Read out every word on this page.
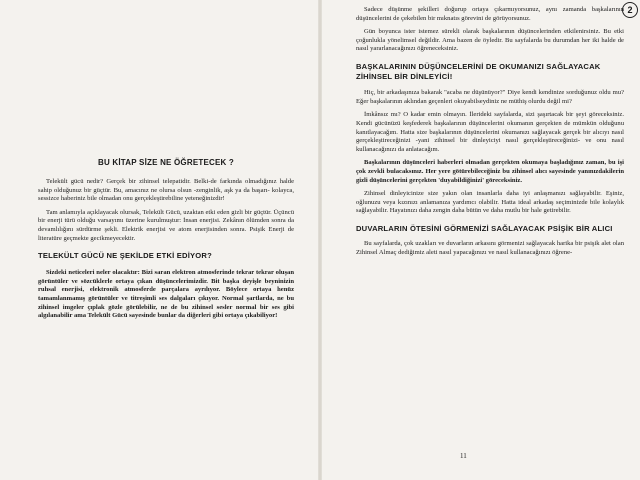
BU KİTAP SİZE NE ÖĞRETECEK ?

Telekült gücü nedir? Gerçek bir zihinsel telepatidir. Belki-de farkında olmadığınız halde sahip olduğunuz bir güçtür. Bu, amacınız ne olursa olsun -zenginlik, aşk ya da başarı- kolayca, sessizce haberiniz bile olmadan onu gerçekleştirebiline yeteneğinizdir!

Tam anlamıyla açıklayacak olursak, Telekült Gücü, uzaktan etki eden gizli bir güçtür. Üçüncü bir enerji türü olduğu varsayımı üzerine kurulmuştur: İnsan enerjisi. Zekânın ölümden sonra da devamlılığını sürdürme şekli. Elektrik enerjisi ve atom enerjisinden sonra. Psişik Enerji de literatüre geçmekte gecikmeyecektir.

TELEKÜLT GÜCÜ NE ŞEKİLDE ETKİ EDİYOR?

Sizdeki neticeleri neler olacaktır: Bizi saran elektron atmosferinde tekrar tekrar oluşan görüntüler ve sözcüklerle ortaya çıkan düşüncelerimizdir. Bit başka deyişle beyninizin ruhsal enerjisi, elektronik atmosferde parçalara ayrılıyor. Böylece ortaya henüz tamamlanmamış görüntüler ve titreşimli ses dalgaları çıkıyor. Normal şartlarda, ne bu zihinsel imgeler çıplak gözle görülebilir, ne de bu zihinsel sesler normal bir ses gibi algılanabilir ama Telekült Gücü sayesinde bunlar da diğerleri gibi ortaya çıkabiliyor!

Sadece düşünme şekilleri doğurup ortaya çıkarmıyorsunuz, aynı zamanda başkalarının düşüncelerini de çekebilen bir mıknatıs görevini de görüyorsunuz.

Gün boyunca ister istemez sürekli olarak başkalarının düşüncelerinden etkilenirsiniz. Bu etki çoğunlukla yönelimsel değildir. Ama bazen de öyledir. Bu sayfalarda bu durumdan her iki halde de nasıl yararlanacağınızı öğreneceksiniz.

BAŞKALARININ DÜŞÜNCELERİNİ DE OKUMANIZI SAĞLAYACAK ZİHİNSEL BİR DİNLEYİCİ!

Hiç, bir arkadaşınıza bakarak "acaba ne düşünüyor?" Diye kendi kendinize sorduğunuz oldu mu? Eğer başkalarının aklından geçenleri okuyabilseydiniz ne müthiş olurdu değil mi?

İmkânsız mı? O kadar emin olmayın. İlerideki sayfalarda, sizi şaşırtacak bir şeyi göreceksiniz. Kendi gücünüzü keşfederek başkalarının düşüncelerini okumanın gerçekten de mümkün olduğunu kanıtlayacağım. Hatta size başkalarının düşüncelerini okumanızı sağlayacak gerçek bir alıcıyı nasıl gerçekleştireceğinizi -yani zihinsel bir dinleyiciyi nasıl gerçekleştireceğinizi- ve onu nasıl kullanacağınızı da anlatacağım.

Başkalarının düşünceleri haberleri olmadan gerçekten okumaya başladığınız zaman, bu işi çok zevkli bulacaksınız. Her yere götürebileceğiniz bu zihinsel alıcı sayesinde yanınızdakilerin gizli düşüncelerini gerçekten 'duyabildiğinizi' göreceksiniz.

Zihinsel dinleyicinize size yakın olan insanlarla daha iyi anlaşmanızı sağlayabilir. Eşiniz, oğlunuzu veya kızınızı anlamanıza yardımcı olabilir. Hatta ideal arkadaş seçiminizde bile kolaylık sağlayabilir. Hayatınızı daha zengin daha bütün ve daha mutlu bir hale getirebilir.

DUVARLARIN ÖTESİNİ GÖRMENİZİ SAĞLAYACAK PSİŞİK BİR ALICI

Bu sayfalarda, çok uzakları ve duvarların arkasını görmenizi sağlayacak harika bir psişik alet olan Zihinsel Almaç dediğimiz aleti nasıl yapacağınızı ve nasıl kullanacağınızı öğrene-

11
2
